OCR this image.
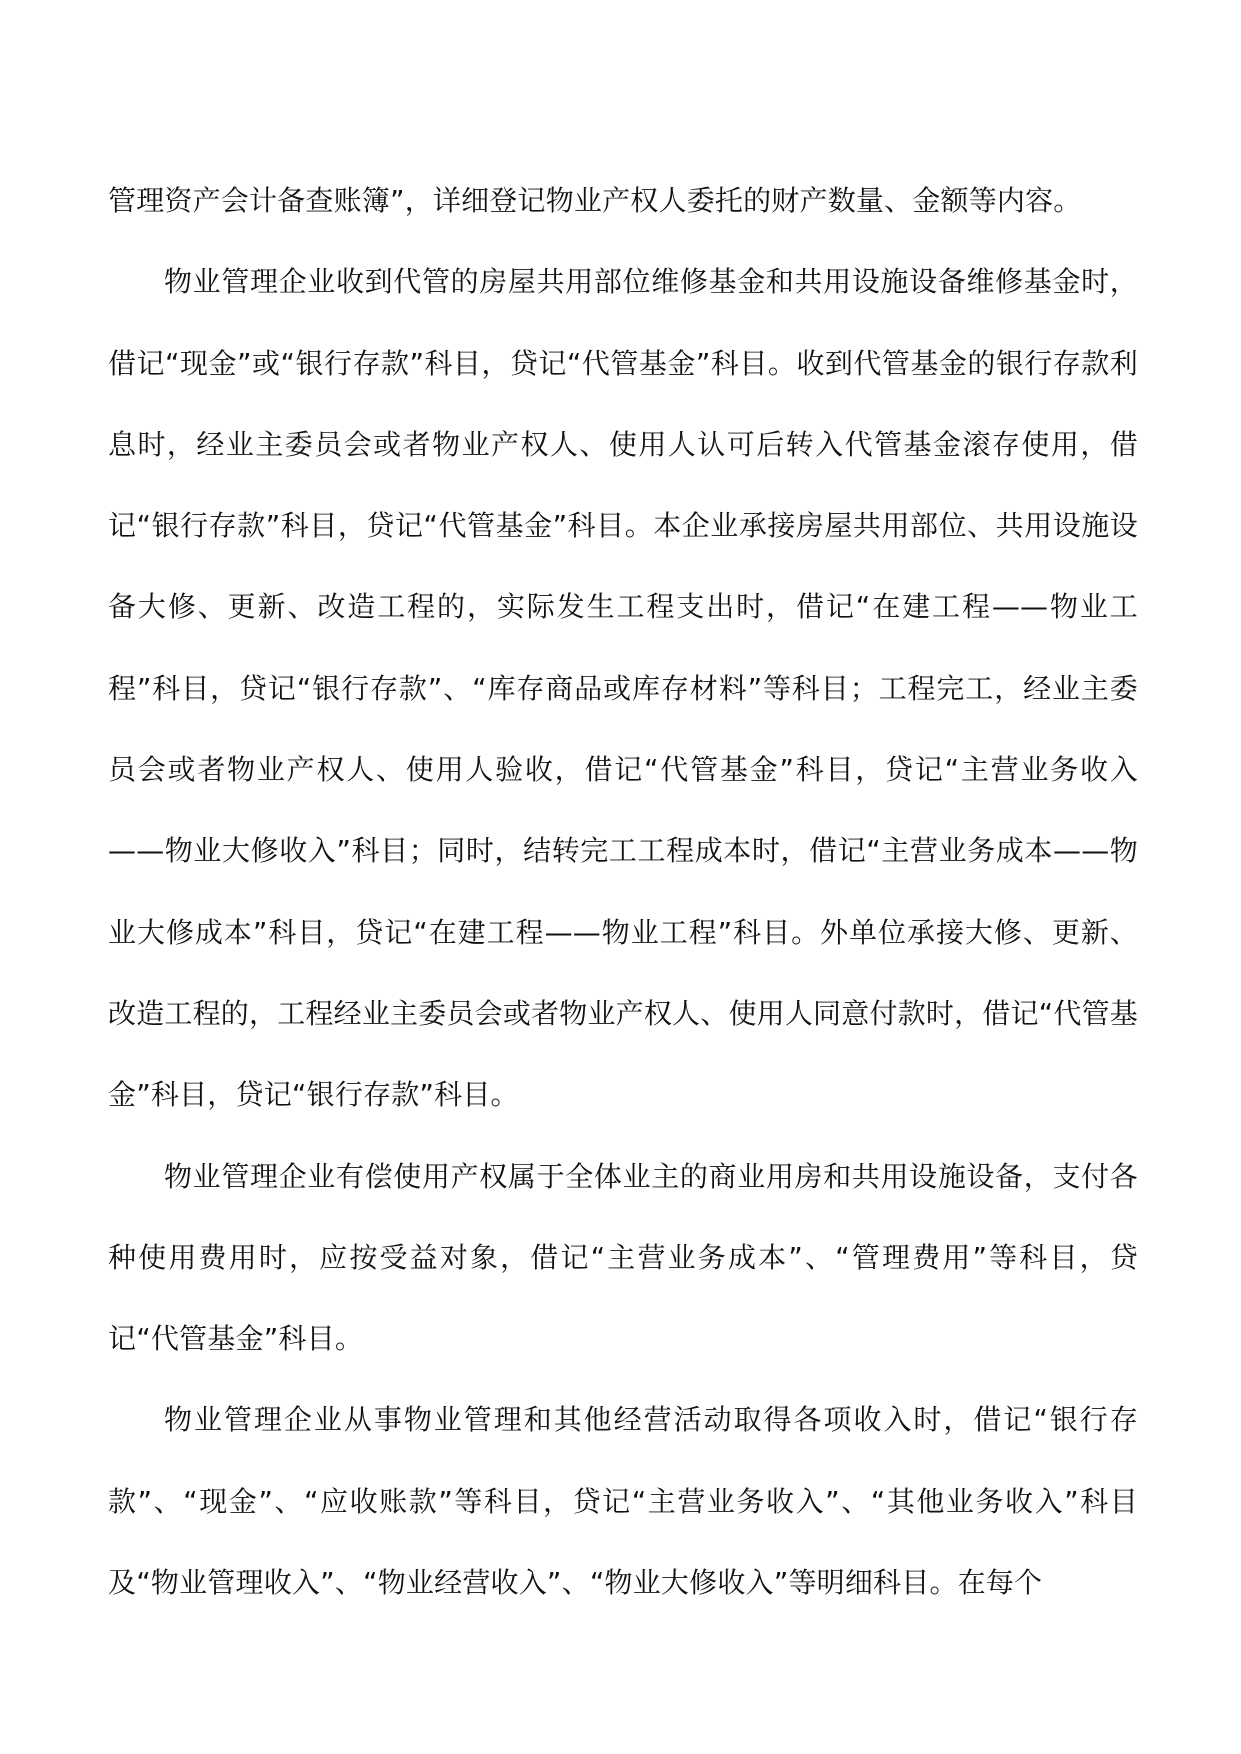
管理资产会计备查账簿”，详细登记物业产权人委托的财产数量、金额等内容。

物业管理企业收到代管的房屋共用部位维修基金和共用设施设备维修基金时，借记“现金”或“银行存款”科目，贷记“代管基金”科目。收到代管基金的银行存款利息时，经业主委员会或者物业产权人、使用人认可后转入代管基金滚存使用，借记“银行存款”科目，贷记“代管基金”科目。本企业承接房屋共用部位、共用设施设备大修、更新、改造工程的，实际发生工程支出时，借记“在建工程——物业工程”科目，贷记“银行存款”、“库存商品或库存材料”等科目；工程完工，经业主委员会或者物业产权人、使用人验收，借记“代管基金”科目，贷记“主营业务收入——物业大修收入”科目；同时，结转完工工程成本时，借记“主营业务成本——物业大修成本”科目，贷记“在建工程——物业工程”科目。外单位承接大修、更新、改造工程的，工程经业主委员会或者物业产权人、使用人同意付款时，借记“代管基金”科目，贷记“银行存款”科目。

物业管理企业有偿使用产权属于全体业主的商业用房和共用设施设备，支付各种使用费用时，应按受益对象，借记“主营业务成本”、“管理费用”等科目，贷记“代管基金”科目。

物业管理企业从事物业管理和其他经营活动取得各项收入时，借记“银行存款”、“现金”、“应收账款”等科目，贷记“主营业务收入”、“其他业务收入”科目及“物业管理收入”、“物业经营收入”、“物业大修收入”等明细科目。在每个
